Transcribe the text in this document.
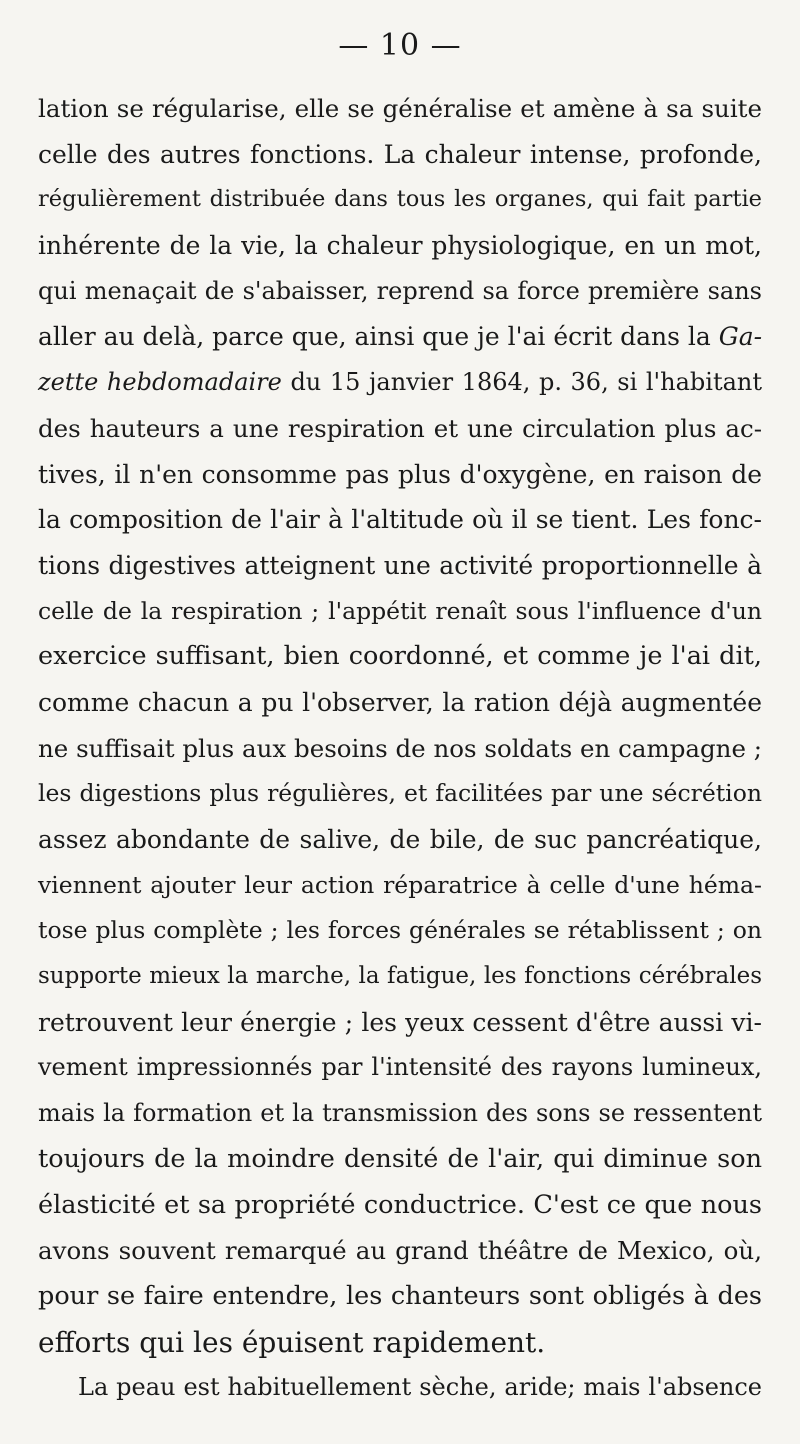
— 10 —
lation se régularise, elle se généralise et amène à sa suite
celle des autres fonctions. La chaleur intense, profonde,
régulièrement distribuée dans tous les organes, qui fait partie
inhérente de la vie, la chaleur physiologique, en un mot,
qui menaçait de s'abaisser, reprend sa force première sans
aller au delà, parce que, ainsi que je l'ai écrit dans la Ga-
zette hebdomadaire du 15 janvier 1864, p. 36, si l'habitant
des hauteurs a une respiration et une circulation plus ac-
tives, il n'en consomme pas plus d'oxygène, en raison de
la composition de l'air à l'altitude où il se tient. Les fonc-
tions digestives atteignent une activité proportionnelle à
celle de la respiration ; l'appétit renaît sous l'influence d'un
exercice suffisant, bien coordonné, et comme je l'ai dit,
comme chacun a pu l'observer, la ration déjà augmentée
ne suffisait plus aux besoins de nos soldats en campagne ;
les digestions plus régulières, et facilitées par une sécrétion
assez abondante de salive, de bile, de suc pancréatique,
viennent ajouter leur action réparatrice à celle d'une héma-
tose plus complète ; les forces générales se rétablissent ; on
supporte mieux la marche, la fatigue, les fonctions cérébrales
retrouvent leur énergie ; les yeux cessent d'être aussi vi-
vement impressionnés par l'intensité des rayons lumineux,
mais la formation et la transmission des sons se ressentent
toujours de la moindre densité de l'air, qui diminue son
élasticité et sa propriété conductrice. C'est ce que nous
avons souvent remarqué au grand théâtre de Mexico, où,
pour se faire entendre, les chanteurs sont obligés à des
efforts qui les épuisent rapidement.
La peau est habituellement sèche, aride; mais l'absence
